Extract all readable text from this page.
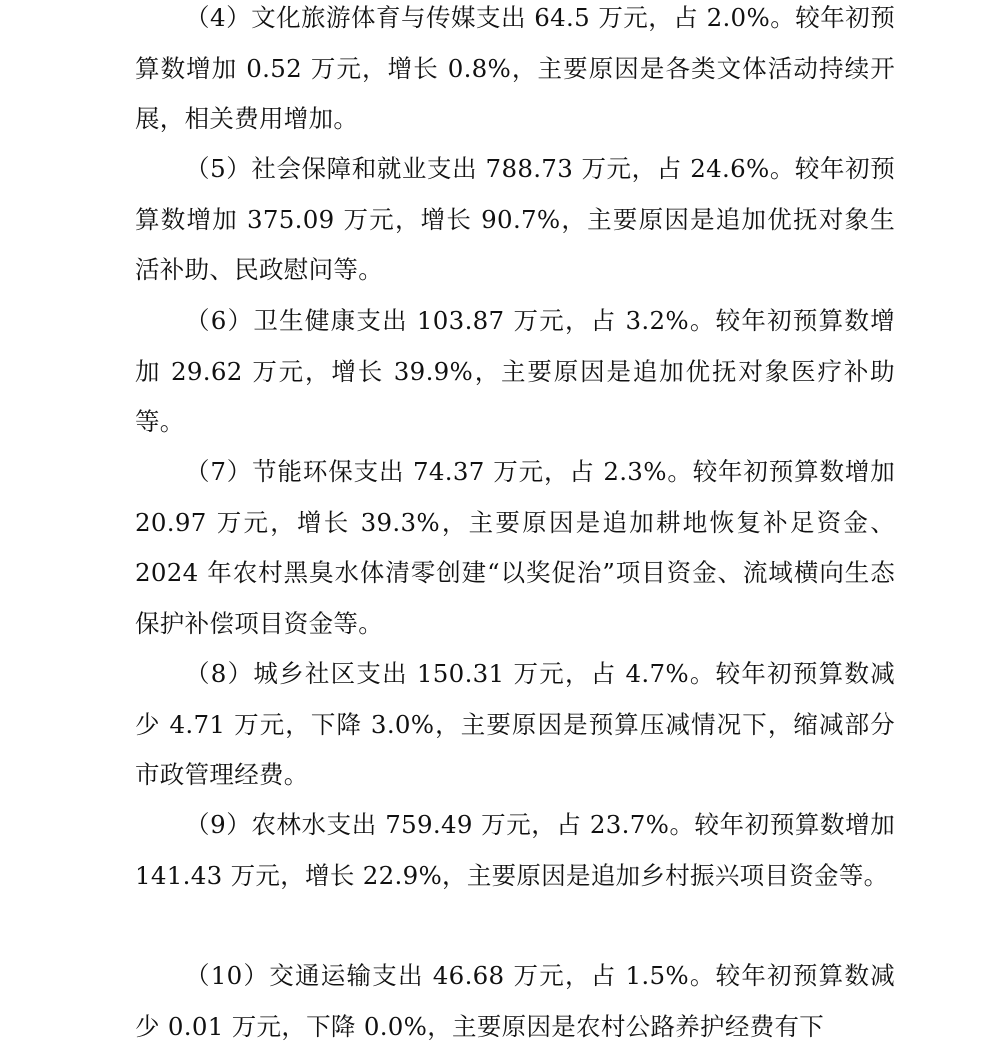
（4）文化旅游体育与传媒支出 64.5 万元，占 2.0%。较年初预算数增加 0.52 万元，增长 0.8%，主要原因是各类文体活动持续开展，相关费用增加。

（5）社会保障和就业支出 788.73 万元，占 24.6%。较年初预算数增加 375.09 万元，增长 90.7%，主要原因是追加优抚对象生活补助、民政慰问等。

（6）卫生健康支出 103.87 万元，占 3.2%。较年初预算数增加 29.62 万元，增长 39.9%，主要原因是追加优抚对象医疗补助等。

（7）节能环保支出 74.37 万元，占 2.3%。较年初预算数增加 20.97 万元，增长 39.3%，主要原因是追加耕地恢复补足资金、2024 年农村黑臭水体清零创建“以奖促治”项目资金、流域横向生态保护补偿项目资金等。

（8）城乡社区支出 150.31 万元，占 4.7%。较年初预算数减少 4.71 万元，下降 3.0%，主要原因是预算压减情况下，缩减部分市政管理经费。

（9）农林水支出 759.49 万元，占 23.7%。较年初预算数增加 141.43 万元，增长 22.9%，主要原因是追加乡村振兴项目资金等。

（10）交通运输支出 46.68 万元，占 1.5%。较年初预算数减少 0.01 万元，下降 0.0%，主要原因是农村公路养护经费有下
